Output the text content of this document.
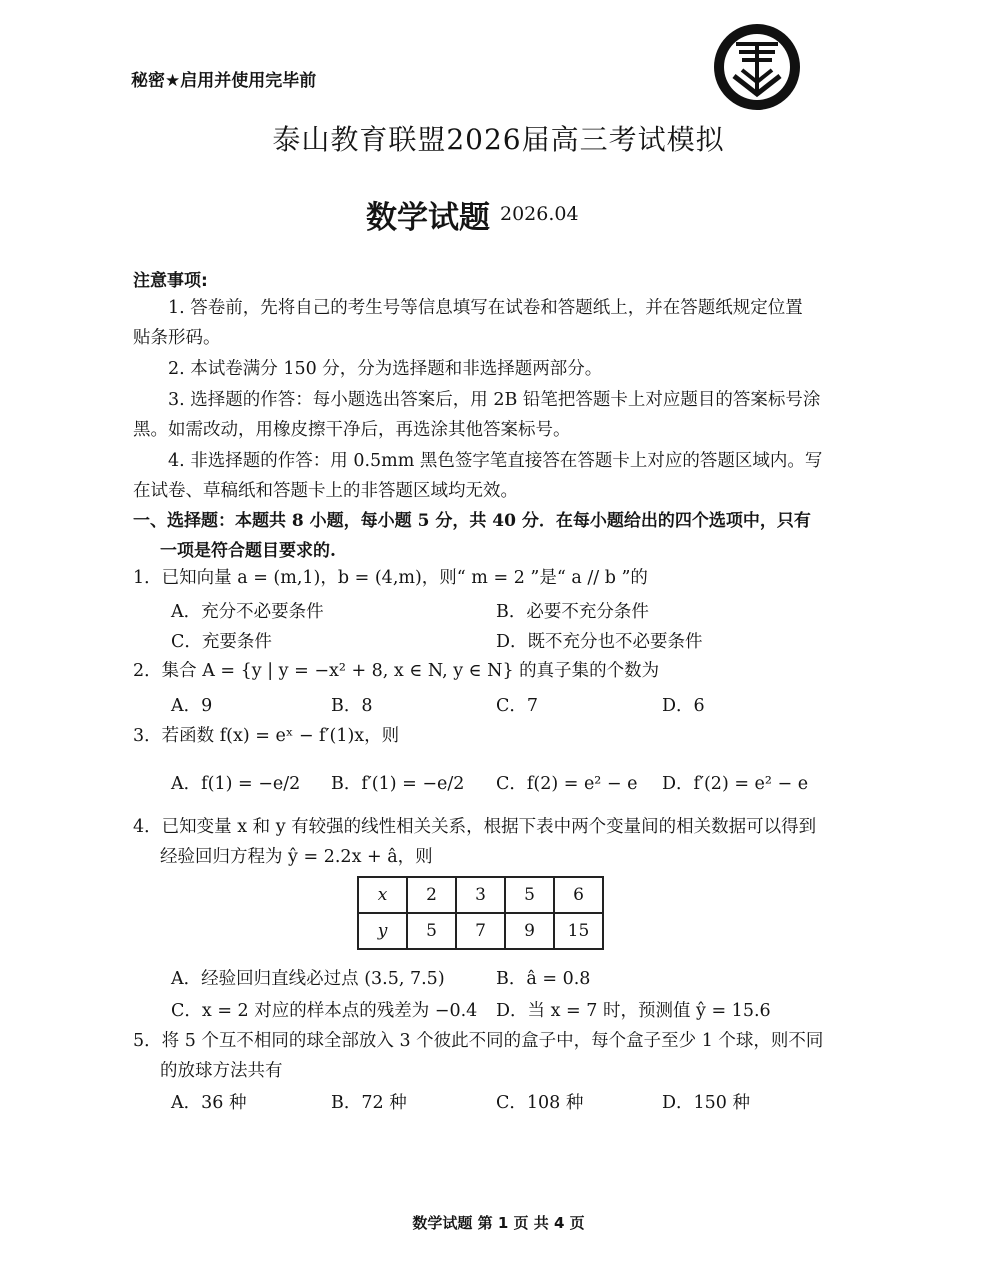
秘密★启用并使用完毕前
泰山教育联盟2026届高三考试模拟
数学试题 2026.04
注意事项:
1. 答卷前，先将自己的考生号等信息填写在试卷和答题纸上，并在答题纸规定位置
贴条形码。
2. 本试卷满分 150 分，分为选择题和非选择题两部分。
3. 选择题的作答：每小题选出答案后，用 2B 铅笔把答题卡上对应题目的答案标号涂
黑。如需改动，用橡皮擦干净后，再选涂其他答案标号。
4. 非选择题的作答：用 0.5mm 黑色签字笔直接答在答题卡上对应的答题区域内。写
在试卷、草稿纸和答题卡上的非答题区域均无效。
一、选择题：本题共 8 小题，每小题 5 分，共 40 分．在每小题给出的四个选项中，只有
一项是符合题目要求的.
1．已知向量 a = (m,1)，b = (4,m)，则“ m = 2 ”是“ a // b ”的
A．充分不必要条件	B．必要不充分条件
C．充要条件	D．既不充分也不必要条件
2．集合 A = {y | y = −x² + 8, x ∈ N, y ∈ N} 的真子集的个数为
A．9	B．8	C．7	D．6
3．若函数 f(x) = eˣ − f′(1)x，则
A．f(1) = −e/2 B．f′(1) = −e/2 C．f(2) = e² − e D．f′(2) = e² − e
4．已知变量 x 和 y 有较强的线性相关关系，根据下表中两个变量间的相关数据可以得到
经验回归方程为 ŷ = 2.2x + â，则
x	2	3	5	6
y	5	7	9	15
A．经验回归直线必过点 (3.5, 7.5)	B．â = 0.8
C．x = 2 对应的样本点的残差为 −0.4 D．当 x = 7 时，预测值 ŷ = 15.6
5．将 5 个互不相同的球全部放入 3 个彼此不同的盒子中，每个盒子至少 1 个球，则不同
的放球方法共有
A．36 种	B．72 种	C．108 种	D．150 种
数学试题 第 1 页 共 4 页
